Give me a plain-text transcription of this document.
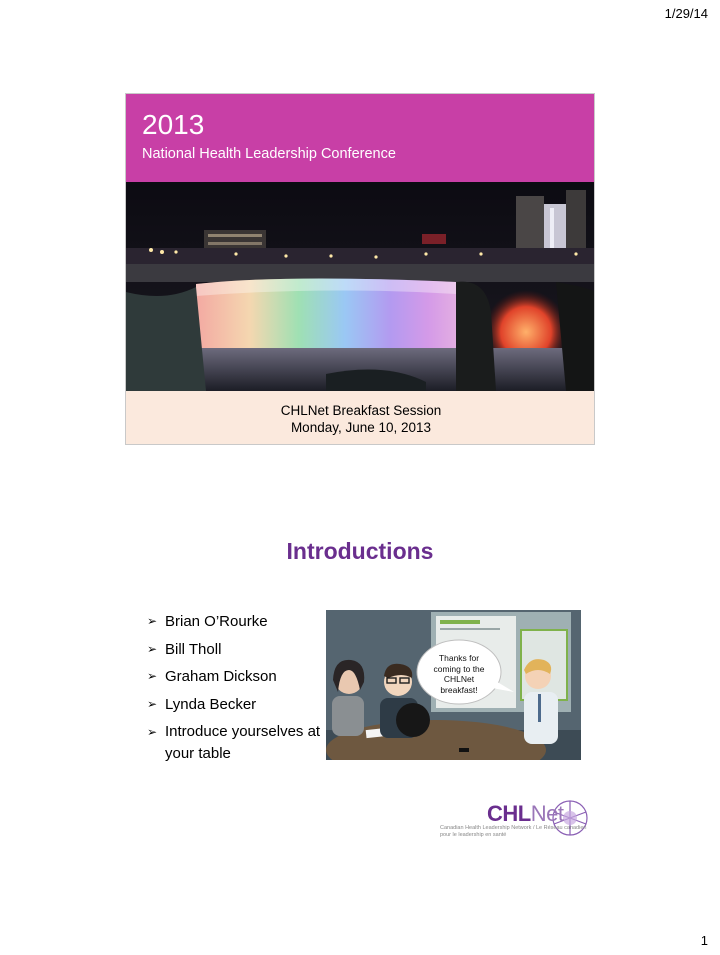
1/29/14
2013
National Health Leadership Conference
CHLNet Breakfast Session
Monday, June 10, 2013
Introductions
➢ Brian O’Rourke
➢ Bill Tholl
➢ Graham Dickson
➢ Lynda Becker
➢ Introduce yourselves at your table
Thanks for coming to the CHLNet breakfast!
CHLNet
Canadian Health Leadership Network / Le Réseau canadien pour le leadership en santé
1
